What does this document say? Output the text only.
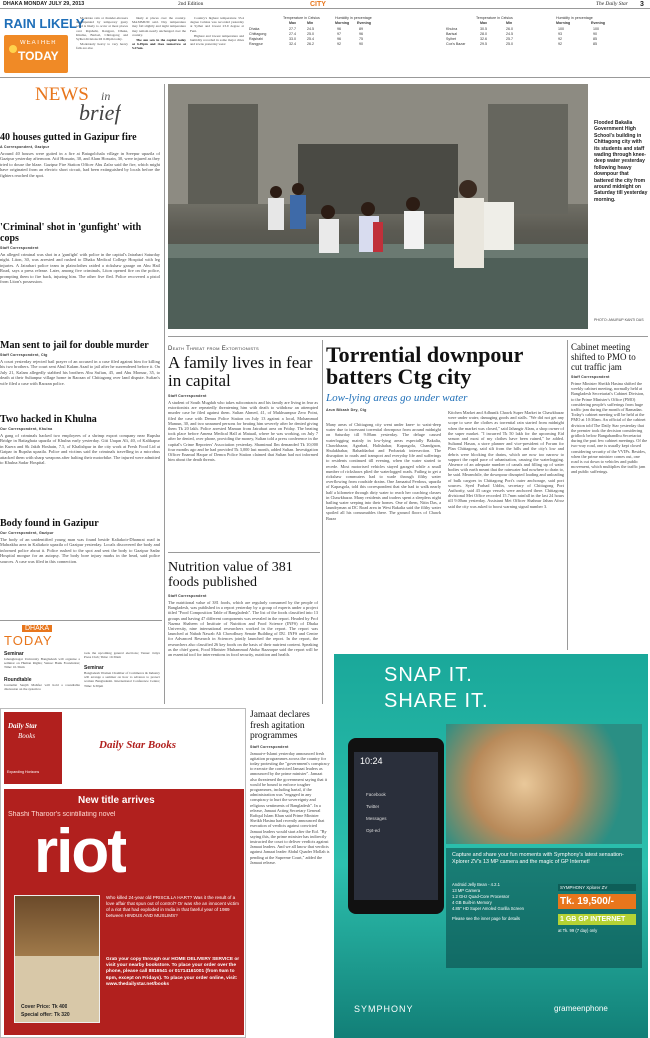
DHAKA MONDAY JULY 29, 2013	2nd Edition	CITY	The Daily Star 3
RAIN LIKELY
WEATHER
TODAY

Moderate rain or thunder-showers accompanied by temporary gusty wind is likely to occur at most places over Rajshahi, Rangpur, Dhaka, Khulna, Barisal, Chittagong and Sylhet divisions till 6.00pm today.

Moderately heavy to very heavy falls are also

likely at places over the country. MAXIMUM said. Day temperature may fall slightly and night temperature may remain nearly unchanged over the country.

The sun sets in the capital today at 6.49pm and rises tomorrow at 5.27am.

Country's highest temperature 33.4 degree Celsius was recorded yesterday at Sylhet and lowest 23.9 degree at Feni.

Highest and lowest temperature and humidity recorded in some major cities and towns yesterday were:

Temperature in Celsius	Humidity in percentage
Max	Min	Morning Evening
Dhaka	27.7	24.5	96	89
Chittagong	27.4	25.0	97	96
Rajshahi	33.0	25.4	96	75
Rangpur	32.4	26.2	92	90
Temperature in Celsius	Humidity in percentage
Max	Min	Morning	Evening
Khulna	30.5	26.0	100	100
Barisal	28.0	24.5	93	90
Sylhet	32.6	25.7	92	85
Cox's Bazar	29.5	25.0	92	85
NEWS in
brief
40 houses gutted in Gazipur fire
A Correspondent, Gazipur
Around 40 houses were gutted in a fire at Batagolchala village in Sreepur upazila of Gazipur yesterday afternoon. Atif Hossain, 30, and Alam Hossain, 30, were injured as they tried to douse the blaze. Gazipur Fire Station Officer Abu Zafar said the fire, which might have originated from an electric short circuit, had been extinguished by locals before the fighters reached the spot.
'Criminal' shot in 'gunfight' with cops
Staff Correspondent
An alleged criminal was shot in a 'gunfight' with police in the capital's Jatrabari Saturday night. Liton, 30, was arrested and rushed to Dhaka Medical College Hospital with leg injuries. A Jatrabari police team in plainclothes raided a rickshaw garage on Abu Hail Road, says a press release. Later, among five criminals, Liton opened fire on the police, prompting them to fire back, injuring him. The other five fled. Police recovered a pistol from Liton's possession.
Man sent to jail for double murder
Staff Correspondent, Ctg
A court yesterday rejected bail prayer of an accused in a case filed against him for killing his two brothers. The court sent Abul Kalam Azad to jail after he surrendered before it. On July 21, Kalam allegedly stabbed his brothers Abu Sufian, 45, and Abu Monsur, 35, to death at their Sultanpur village home in Raozan of Chittagong over land dispute. Sufian's wife filed a case with Raozan police.
Two hacked in Khulna
Our Correspondent, Khulna
A gang of criminals hacked two employees of a shrimp export company near Rupsha Bridge in Batiaghata upazila of Khulna early yesterday. Giti Uaqan Ali, 40, of Kalikapur in Kuera and Sk Jakib Hoshain, 7.5, of Khalishpur in the city work at Fresh Food Ltd at Gatpar in Rupsha upazila. Police and victims said the criminals travelling in a microbus attacked them with sharp weapons after halting their motorbike. The injured were admitted to Khulna Sadar Hospital.
Body found in Gazipur
Our Correspondent, Gazipur
The body of an unidentified young man was found beside Kaliakoir-Dhamrai road in Mahrakha area in Kaliakoir upazila of Gazipur yesterday. Locals discovered the body and informed police about it. Police rushed to the spot and sent the body to Gazipur Sadar Hospital morgue for an autopsy. The body bore injury marks in the head, said police sources. A case was filed in this connection.
DHAKA
TODAY
Seminar
Jahangirnagar University Bangladesh will organise a seminar on Human Rights; Venue: Bank Foundation; Time: 10.30am
Roundtable
Journalist Sanjib Mahfuz will hold a roundtable discussion on the system to
took the upcoming general elections; Venue: Jatiya Press Club; Time: 10.30am
Seminar
Bangladesh Women Chamber of Commerce & Industry will arrange a seminar on how to advance to protect woman Bangladeshi. International Conference Centre; Time: 6.30pm
Flooded Bakalia Government High School's building in Chittagong city with its students and staff wading through knee-deep water yesterday following heavy downpour that battered the city from around midnight on Saturday till yesterday morning.
PHOTO: ANURUP KANTI DAS
Death Threat from Extortionists
A family lives in fear in capital
Staff Correspondent
A student of South Mugdah who takes subcontracts and his family are living in fear as extortionists are repeatedly threatening him with death to withdraw an attempted murder case he filed against them. Sultan Ahmed, 41, of Mukhsumpur Zero Point, filed the case with Demra Police Station on July 13 against a local, Mohammad Mamun, 30, and two unnamed persons for beating him severely after he denied giving them Tk 20 lakh. Police arrested Mamun from Jatrabari area on Friday. The beating took place before Amena Medical Hall at Matuail, where he was working, on July 7 after he denied, over phone, providing the money, Sultan told a press conference in the capital's Crime Reporters' Association yesterday. Shamimul Ilm demanded Tk 10,000 four months ago and he had provided Tk 3,000 last month, added Sultan. Investigation Officer Enamul Haque of Demra Police Station claimed that Sultan had not informed him about the death threats.
Nutrition value of 381 foods published
Staff Correspondent
The nutritional value of 381 foods, which are regularly consumed by the people of Bangladesh, was published in a report yesterday by a group of experts under a project titled "Food Composition Table of Bangladesh". The list of the foods classified into 13 groups and having 47 different components was revealed in the report. Headed by Prof Nazma Shaheen of Institute of Nutrition and Food Science (INFS) of Dhaka University, nine international researchers worked in the report. The report was launched at Nabab Nawab Ali Chowdhury Senate Building of DU. INFS and Centre for Advanced Research in Sciences jointly launched the report. In the report, the researchers also classified 26 key foods on the basis of their nutrient content. Speaking as the chief guest, Food Minister Muhammad Abdur Razzaque said the report will be an essential tool for interventions in food security, nutrition and health.
Torrential downpour batters Ctg city
Low-lying areas go under water
Arun Bikash Dey, Ctg
Many areas of Chittagong city went under knee- to waist-deep water due to incessant torrential downpour from around midnight on Saturday till 9.00am yesterday. The deluge caused waterlogging mainly in low-lying areas especially Bakalia, Chawkbazar, Agrabad, Halishahar, Kapasgola, Chandgaon, Shulakbahar, Bahaddarhat and Probartak intersection. The disruption to roads and transport and everyday life and sufferings to residents continued till evening, when the water started to recede. Most motorised vehicles stayed garaged while a small number of rickshaws plied the waterlogged roads. Failing to get a rickshaw commuters had to wade through filthy water overflowing from roadside drains. One Jamaatul Ferdous, upazila of Kapasgola, told this correspondent that she had to walk nearly half a kilometre through dirty water to reach her coaching classes in Chawkbazar. Many residents and traders spent a sleepless night bailing water seeping into their homes. One of them, Nitin Das, a laundryman at DC Road area in West Bakalia said the filthy water spoiled all his consumables there. The ground floors of Chawk Bazar
Kitchen Market and Adhunik Chawk Super Market in Chawkbazar were under water, damaging goods and stalls. "We did not get any scope to save the clothes as torrential rain started from midnight when the market was closed," said Jahangir Alam, a shop owner of the super market. "I incurred Tk 50 lakh for the upcoming Eid season and most of my clothes have been ruined," he added. Sultanul Hasan, a store planner and vice-president of Forum for Plan Chittagong, said silt from the hills and the city's low and debris were blocking the drains, which are now too narrow to support the rapid pace of urbanisation, causing the waterlogging. Absence of an adequate number of canals and filling up of water bodies with earth meant that the rainwater had nowhere to drain to, he said. Meanwhile, the downpour disrupted loading and unloading of bulk cargoes in Chittagong Port's outer anchorage, said port sources. Syed Farhad Uddin, secretary of Chittagong Port Authority, said 43 cargo vessels were anchored there. Chittagong divisional Met Office recorded 15.7mm rainfall in the last 24 hours till 9.00am yesterday. Assistant Met Officer Shahnur Jahan Afroz said the city was asked to boost warning signal number 3.
Cabinet meeting shifted to PMO to cut traffic jam
Staff Correspondent
Prime Minister Sheikh Hasina shifted the weekly cabinet meeting, normally held at Bangladesh Secretariat's Cabinet Division, to the Prime Minister's Office (PMO) considering people's sufferings from huge traffic jam during the month of Ramadan. Today's cabinet meeting will be held at the PMO at 10:30am. An official of the cabinet division told The Daily Star yesterday that the premier took the decision considering gridlock below Bangabandhu Secretariat during the past few cabinet meetings. Of the two-way road, one is usually kept closed considering security of the VVIPs. Besides, when the prime minister comes out, one road is cut down to vehicles and public movement, which multiplies the traffic jam and public sufferings.
Daily Star
Books
Expanding Horizons
Daily Star Books
New title arrives
Shashi Tharoor's scintillating novel
riot
Cover Price: Tk 400
Special offer: Tk 320
Who killed 24-year old PRISCILLA HART? Was it the result of a love affair that spun out of control? Or was she an innocent victim of a riot that had exploded in India in that fateful year of 1989 between HINDUS AND MUSLIMS?
Grab your copy through our HOME DELIVERY SERVICE or visit your nearby bookstore. To place your order over the phone, please call 8816541 or 01714161001 (from 9am to 6pm, except on Fridays). To place your order online, visit: www.thedailystar.net/books
Jamaat declares fresh agitation programmes
Staff Correspondent
Jamaat-e-Islami yesterday announced fresh agitation programmes across the country for today protesting the "government's conspiracy to execute the convicted Jamaat leaders as announced by the prime minister". Jamaat also threatened the government saying that it would be bound to enforce tougher programmes, including hartal, if the administration was "engaged in any conspiracy to hurt the sovereignty and religious sentiments of Bangladesh". In a release, Jamaat Acting Secretary General Rafiqul Islam Khan said Prime Minister Sheikh Hasina had recently announced that execution of verdicts against convicted Jamaat leaders would start after the Eid. "By saying this, the prime minister has indirectly instructed the court to deliver verdicts against Jamaat leaders. And we all know that verdicts against Jamaat leader Abdul Quader Mollah is pending at the Supreme Court," added the Jamaat release.
SNAP IT.
SHARE IT.
10:24
Facebook
Twitter
Messages
Opt-ed
Capture and share your fun moments with Symphony's latest sensation- Xplorer ZV's 13 MP camera and the magic of GP Internet!
Android Jelly Bean - 4.2.1
13 MP Camera
1.2 GHz Quad-Core Processor
4 GB Built-in Memory
4.85" HD Super Amoled Gorilla Screen
Please see the inner page for details
SYMPHONY Xplorer ZV
Tk. 19,500/-
1 GB GP INTERNET
at Tk. 99 (7 day) only
SYMPHONY	grameenphone
